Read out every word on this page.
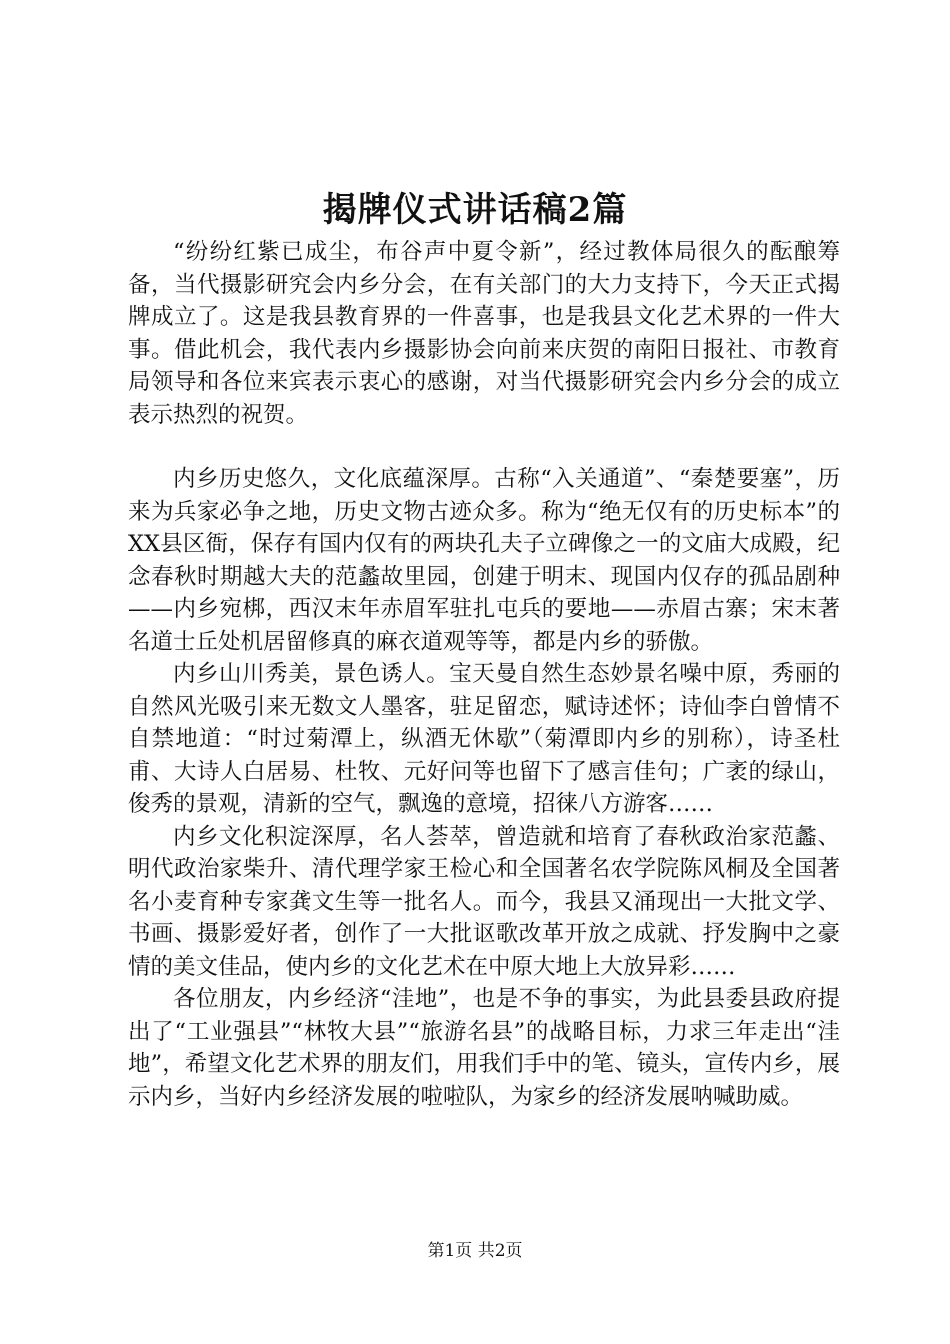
揭牌仪式讲话稿2篇

“纷纷红紫已成尘，布谷声中夏令新”，经过教体局很久的酝酿筹备，当代摄影研究会内乡分会，在有关部门的大力支持下，今天正式揭牌成立了。这是我县教育界的一件喜事，也是我县文化艺术界的一件大事。借此机会，我代表内乡摄影协会向前来庆贺的南阳日报社、市教育局领导和各位来宾表示衷心的感谢，对当代摄影研究会内乡分会的成立表示热烈的祝贺。

内乡历史悠久，文化底蕴深厚。古称“入关通道”、“秦楚要塞”，历来为兵家必争之地，历史文物古迹众多。称为“绝无仅有的历史标本”的XX县区衙，保存有国内仅有的两块孔夫子立碑像之一的文庙大成殿，纪念春秋时期越大夫的范蠡故里园，创建于明末、现国内仅存的孤品剧种——内乡宛梆，西汉末年赤眉军驻扎屯兵的要地——赤眉古寨；宋末著名道士丘处机居留修真的麻衣道观等等，都是内乡的骄傲。

内乡山川秀美，景色诱人。宝天曼自然生态妙景名噪中原，秀丽的自然风光吸引来无数文人墨客，驻足留恋，赋诗述怀；诗仙李白曾情不自禁地道：“时过菊潭上，纵酒无休歇”（菊潭即内乡的别称），诗圣杜甫、大诗人白居易、杜牧、元好问等也留下了感言佳句；广袤的绿山，俊秀的景观，清新的空气，飘逸的意境，招徕八方游客……

内乡文化积淀深厚，名人荟萃，曾造就和培育了春秋政治家范蠡、明代政治家柴升、清代理学家王检心和全国著名农学院陈风桐及全国著名小麦育种专家龚文生等一批名人。而今，我县又涌现出一大批文学、书画、摄影爱好者，创作了一大批讴歌改革开放之成就、抒发胸中之豪情的美文佳品，使内乡的文化艺术在中原大地上大放异彩……

各位朋友，内乡经济“洼地”，也是不争的事实，为此县委县政府提出了“工业强县”“林牧大县”“旅游名县”的战略目标，力求三年走出“洼地”，希望文化艺术界的朋友们，用我们手中的笔、镜头，宣传内乡，展示内乡，当好内乡经济发展的啦啦队，为家乡的经济发展呐喊助威。

第1页 共2页
